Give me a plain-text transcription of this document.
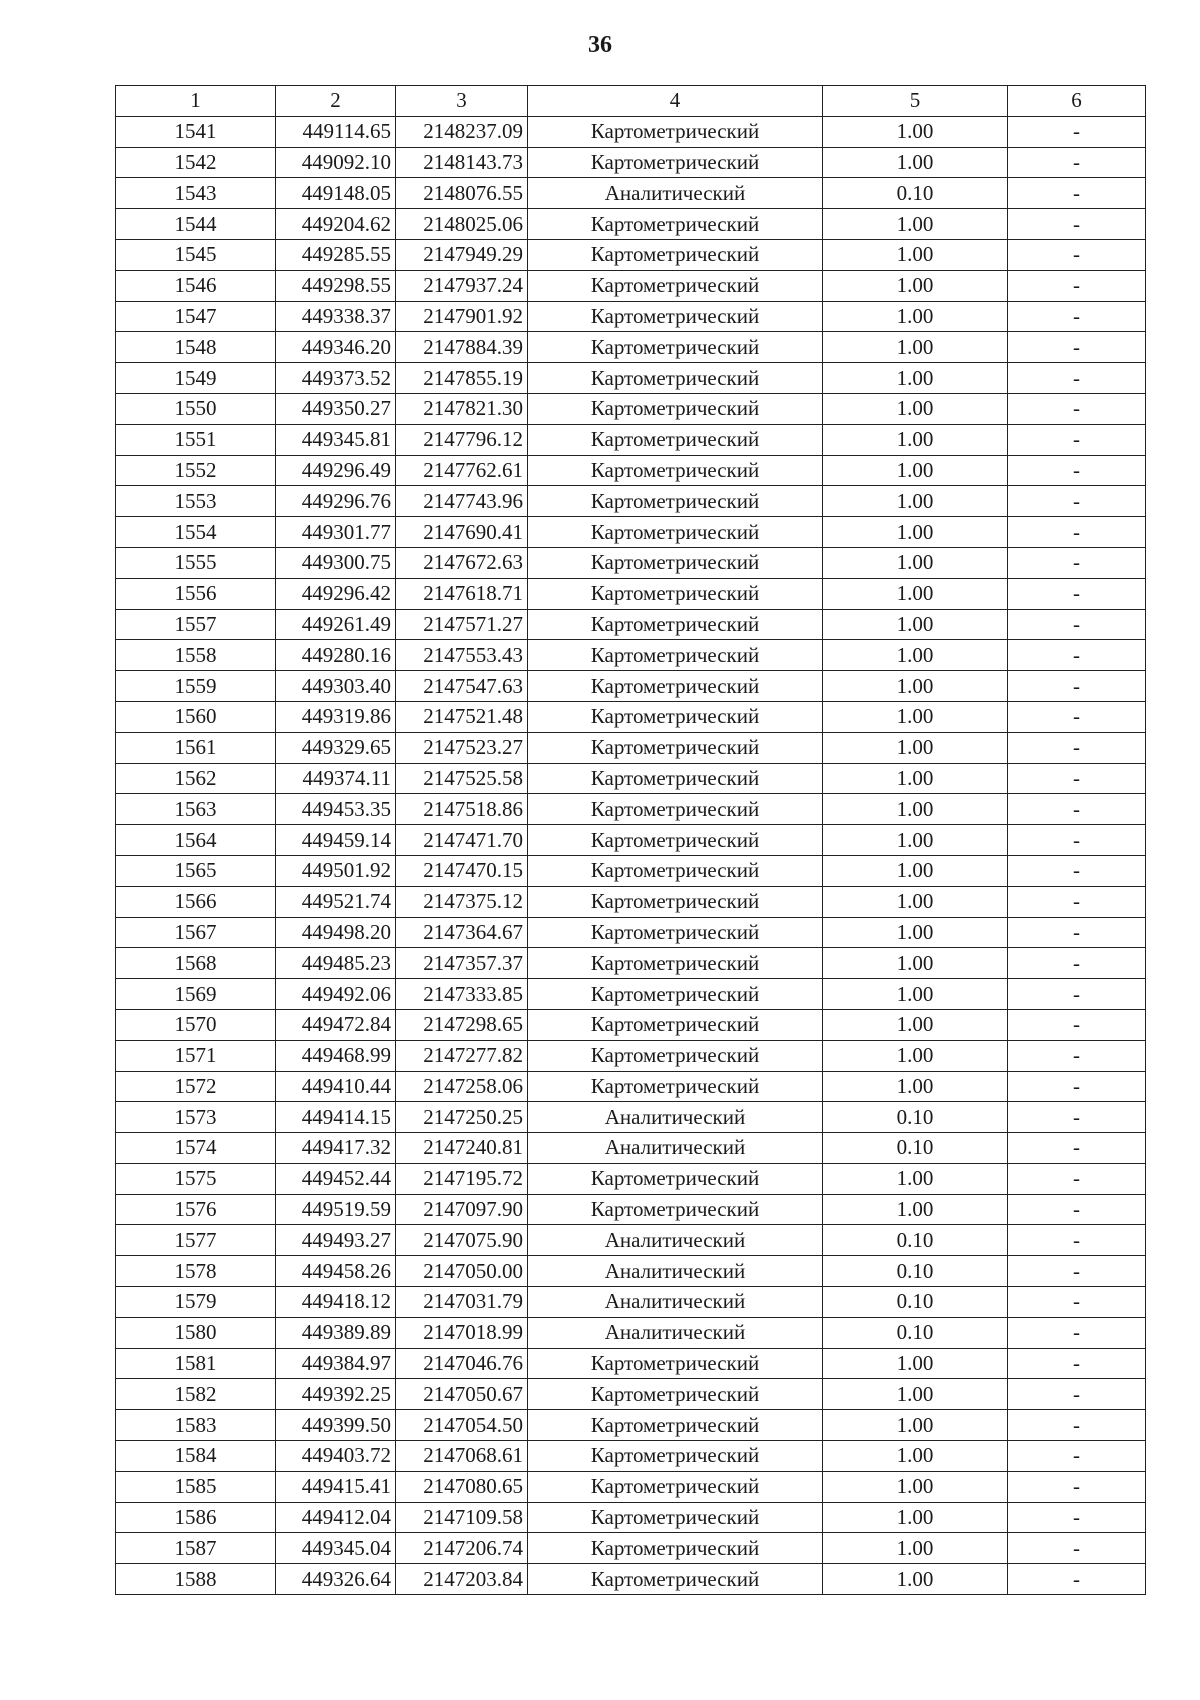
36
1	2	3	4	5	6
1541	449114.65	2148237.09	Картометрический	1.00	-
1542	449092.10	2148143.73	Картометрический	1.00	-
1543	449148.05	2148076.55	Аналитический	0.10	-
1544	449204.62	2148025.06	Картометрический	1.00	-
1545	449285.55	2147949.29	Картометрический	1.00	-
1546	449298.55	2147937.24	Картометрический	1.00	-
1547	449338.37	2147901.92	Картометрический	1.00	-
1548	449346.20	2147884.39	Картометрический	1.00	-
1549	449373.52	2147855.19	Картометрический	1.00	-
1550	449350.27	2147821.30	Картометрический	1.00	-
1551	449345.81	2147796.12	Картометрический	1.00	-
1552	449296.49	2147762.61	Картометрический	1.00	-
1553	449296.76	2147743.96	Картометрический	1.00	-
1554	449301.77	2147690.41	Картометрический	1.00	-
1555	449300.75	2147672.63	Картометрический	1.00	-
1556	449296.42	2147618.71	Картометрический	1.00	-
1557	449261.49	2147571.27	Картометрический	1.00	-
1558	449280.16	2147553.43	Картометрический	1.00	-
1559	449303.40	2147547.63	Картометрический	1.00	-
1560	449319.86	2147521.48	Картометрический	1.00	-
1561	449329.65	2147523.27	Картометрический	1.00	-
1562	449374.11	2147525.58	Картометрический	1.00	-
1563	449453.35	2147518.86	Картометрический	1.00	-
1564	449459.14	2147471.70	Картометрический	1.00	-
1565	449501.92	2147470.15	Картометрический	1.00	-
1566	449521.74	2147375.12	Картометрический	1.00	-
1567	449498.20	2147364.67	Картометрический	1.00	-
1568	449485.23	2147357.37	Картометрический	1.00	-
1569	449492.06	2147333.85	Картометрический	1.00	-
1570	449472.84	2147298.65	Картометрический	1.00	-
1571	449468.99	2147277.82	Картометрический	1.00	-
1572	449410.44	2147258.06	Картометрический	1.00	-
1573	449414.15	2147250.25	Аналитический	0.10	-
1574	449417.32	2147240.81	Аналитический	0.10	-
1575	449452.44	2147195.72	Картометрический	1.00	-
1576	449519.59	2147097.90	Картометрический	1.00	-
1577	449493.27	2147075.90	Аналитический	0.10	-
1578	449458.26	2147050.00	Аналитический	0.10	-
1579	449418.12	2147031.79	Аналитический	0.10	-
1580	449389.89	2147018.99	Аналитический	0.10	-
1581	449384.97	2147046.76	Картометрический	1.00	-
1582	449392.25	2147050.67	Картометрический	1.00	-
1583	449399.50	2147054.50	Картометрический	1.00	-
1584	449403.72	2147068.61	Картометрический	1.00	-
1585	449415.41	2147080.65	Картометрический	1.00	-
1586	449412.04	2147109.58	Картометрический	1.00	-
1587	449345.04	2147206.74	Картометрический	1.00	-
1588	449326.64	2147203.84	Картометрический	1.00	-
